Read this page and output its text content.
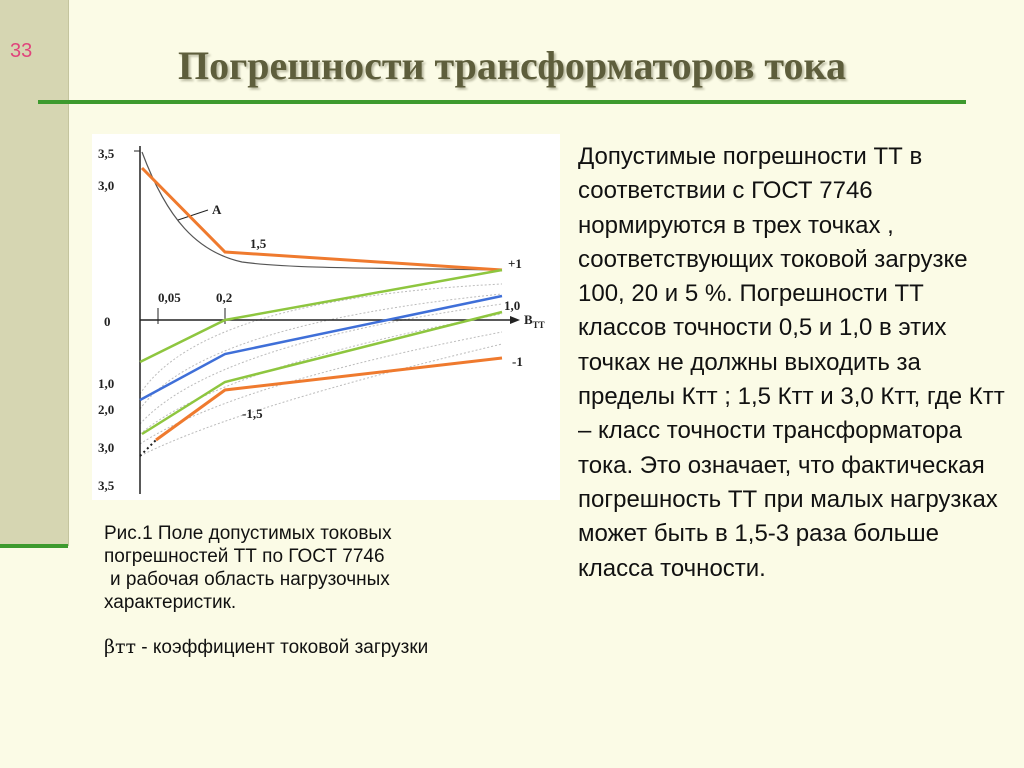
33	Погрешности трансформаторов тока
3,5
3,0
0
1,0
2,0
3,0
3,5
0,05	0,2
1,0
$B_{ТТ}$
A
1,5
+1
-1
-1,5

Рис.1 Поле допустимых токовых

погрешностей ТТ по ГОСТ 7746

и рабочая область нагрузочных

характеристик.

βтт - коэффициент токовой загрузки
Допустимые погрешности ТТ в соответствии с ГОСТ 7746 нормируются в трех точках , соответствующих токовой загрузке 100, 20 и 5 %. Погрешности ТТ классов точности 0,5 и 1,0 в этих точках не должны выходить за пределы Ктт ; 1,5 Ктт и 3,0 Ктт, где Ктт – класс точности трансформатора тока. Это означает, что фактическая погрешность ТТ при малых нагрузках может быть в 1,5-3 раза больше класса точности.
